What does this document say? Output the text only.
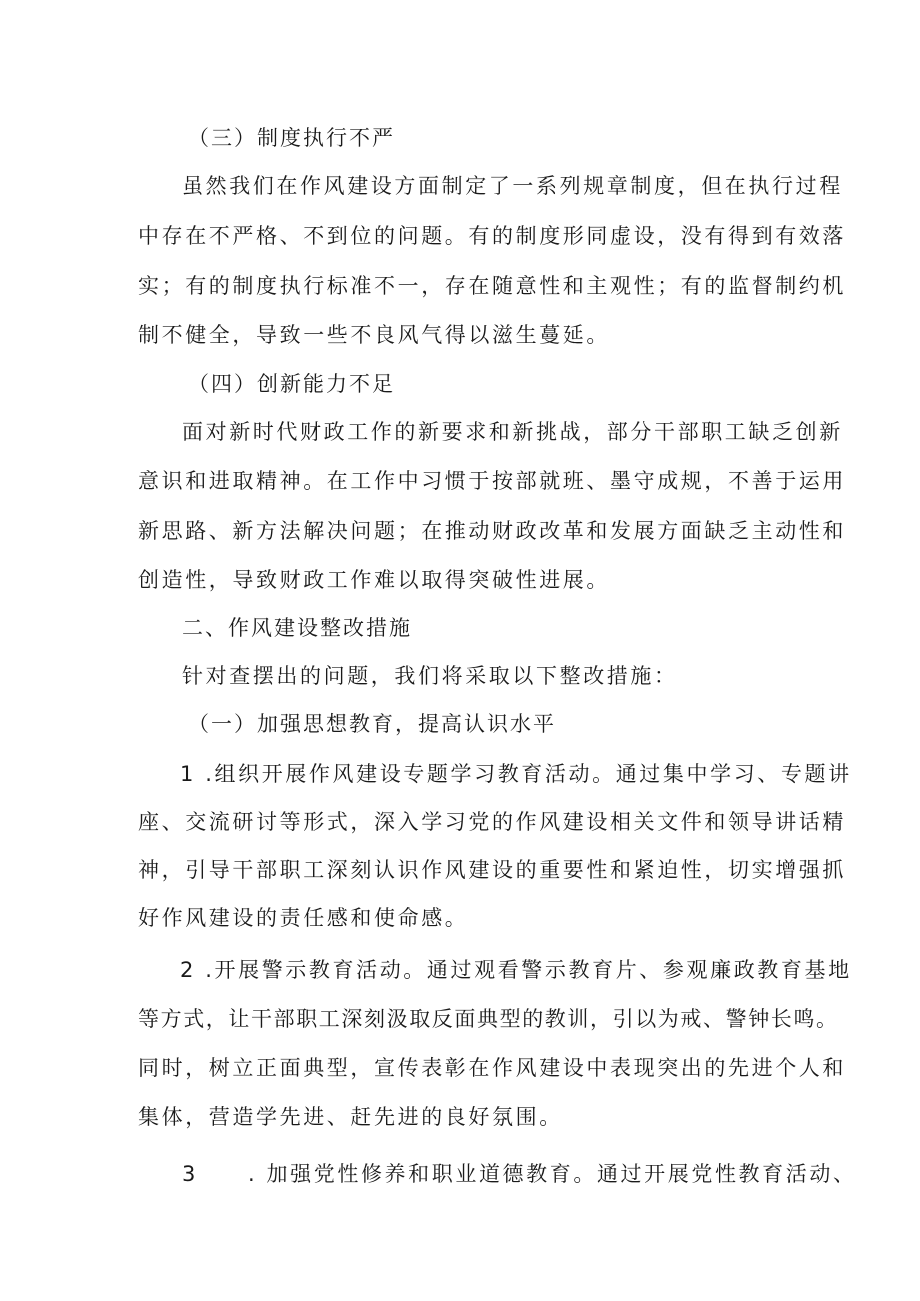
（三）制度执行不严
虽然我们在作风建设方面制定了一系列规章制度，但在执行过程
中存在不严格、不到位的问题。有的制度形同虚设，没有得到有效落
实；有的制度执行标准不一，存在随意性和主观性；有的监督制约机
制不健全，导致一些不良风气得以滋生蔓延。
（四）创新能力不足
面对新时代财政工作的新要求和新挑战，部分干部职工缺乏创新
意识和进取精神。在工作中习惯于按部就班、墨守成规，不善于运用
新思路、新方法解决问题；在推动财政改革和发展方面缺乏主动性和
创造性，导致财政工作难以取得突破性进展。
二、作风建设整改措施
针对查摆出的问题，我们将采取以下整改措施：
（一）加强思想教育，提高认识水平
1 .组织开展作风建设专题学习教育活动。通过集中学习、专题讲
座、交流研讨等形式，深入学习党的作风建设相关文件和领导讲话精
神，引导干部职工深刻认识作风建设的重要性和紧迫性，切实增强抓
好作风建设的责任感和使命感。
2 .开展警示教育活动。通过观看警示教育片、参观廉政教育基地
等方式，让干部职工深刻汲取反面典型的教训，引以为戒、警钟长鸣。
同时，树立正面典型，宣传表彰在作风建设中表现突出的先进个人和
集体，营造学先进、赶先进的良好氛围。
3 . 加强党性修养和职业道德教育。通过开展党性教育活动、
